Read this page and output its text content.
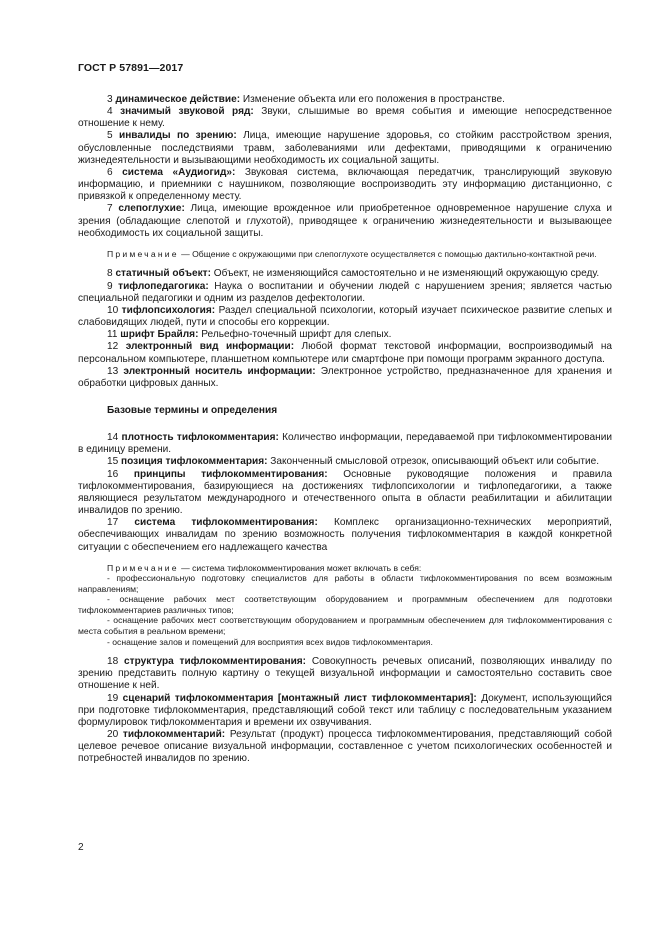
ГОСТ Р 57891—2017

3 динамическое действие: Изменение объекта или его положения в пространстве.

4 значимый звуковой ряд: Звуки, слышимые во время события и имеющие непосредственное отношение к нему.

5 инвалиды по зрению: Лица, имеющие нарушение здоровья, со стойким расстройством зрения, обусловленные последствиями травм, заболеваниями или дефектами, приводящими к ограничению жизнедеятельности и вызывающими необходимость их социальной защиты.

6 система «Аудиогид»: Звуковая система, включающая передатчик, транслирующий звуковую информацию, и приемники с наушником, позволяющие воспроизводить эту информацию дистанционно, с привязкой к определенному месту.

7 слепоглухие: Лица, имеющие врожденное или приобретенное одновременное нарушение слуха и зрения (обладающие слепотой и глухотой), приводящее к ограничению жизнедеятельности и вызывающее необходимость их социальной защиты.

Примечание — Общение с окружающими при слепоглухоте осуществляется с помощью дактильно-контактной речи.

8 статичный объект: Объект, не изменяющийся самостоятельно и не изменяющий окружающую среду.

9 тифлопедагогика: Наука о воспитании и обучении людей с нарушением зрения; является частью специальной педагогики и одним из разделов дефектологии.

10 тифлопсихология: Раздел специальной психологии, который изучает психическое развитие слепых и слабовидящих людей, пути и способы его коррекции.

11 шрифт Брайля: Рельефно-точечный шрифт для слепых.

12 электронный вид информации: Любой формат текстовой информации, воспроизводимый на персональном компьютере, планшетном компьютере или смартфоне при помощи программ экранного доступа.

13 электронный носитель информации: Электронное устройство, предназначенное для хранения и обработки цифровых данных.

Базовые термины и определения

14 плотность тифлокомментария: Количество информации, передаваемой при тифлокомментировании в единицу времени.

15 позиция тифлокомментария: Законченный смысловой отрезок, описывающий объект или событие.

16 принципы тифлокомментирования: Основные руководящие положения и правила тифлокомментирования, базирующиеся на достижениях тифлопсихологии и тифлопедагогики, а также являющиеся результатом международного и отечественного опыта в области реабилитации и абилитации инвалидов по зрению.

17 система тифлокомментирования: Комплекс организационно-технических мероприятий, обеспечивающих инвалидам по зрению возможность получения тифлокомментария в каждой конкретной ситуации с обеспечением его надлежащего качества

Примечание — система тифлокомментирования может включать в себя:

- профессиональную подготовку специалистов для работы в области тифлокомментирования по всем возможным направлениям;

- оснащение рабочих мест соответствующим оборудованием и программным обеспечением для подготовки тифлокомментариев различных типов;

- оснащение рабочих мест соответствующим оборудованием и программным обеспечением для тифлокомментирования с места события в реальном времени;

- оснащение залов и помещений для восприятия всех видов тифлокомментария.

18 структура тифлокомментирования: Совокупность речевых описаний, позволяющих инвалиду по зрению представить полную картину о текущей визуальной информации и самостоятельно составить свое отношение к ней.

19 сценарий тифлокомментария [монтажный лист тифлокомментария]: Документ, использующийся при подготовке тифлокомментария, представляющий собой текст или таблицу с последовательным указанием формулировок тифлокомментария и времени их озвучивания.

20 тифлокомментарий: Результат (продукт) процесса тифлокомментирования, представляющий собой целевое речевое описание визуальной информации, составленное с учетом психологических особенностей и потребностей инвалидов по зрению.

2
